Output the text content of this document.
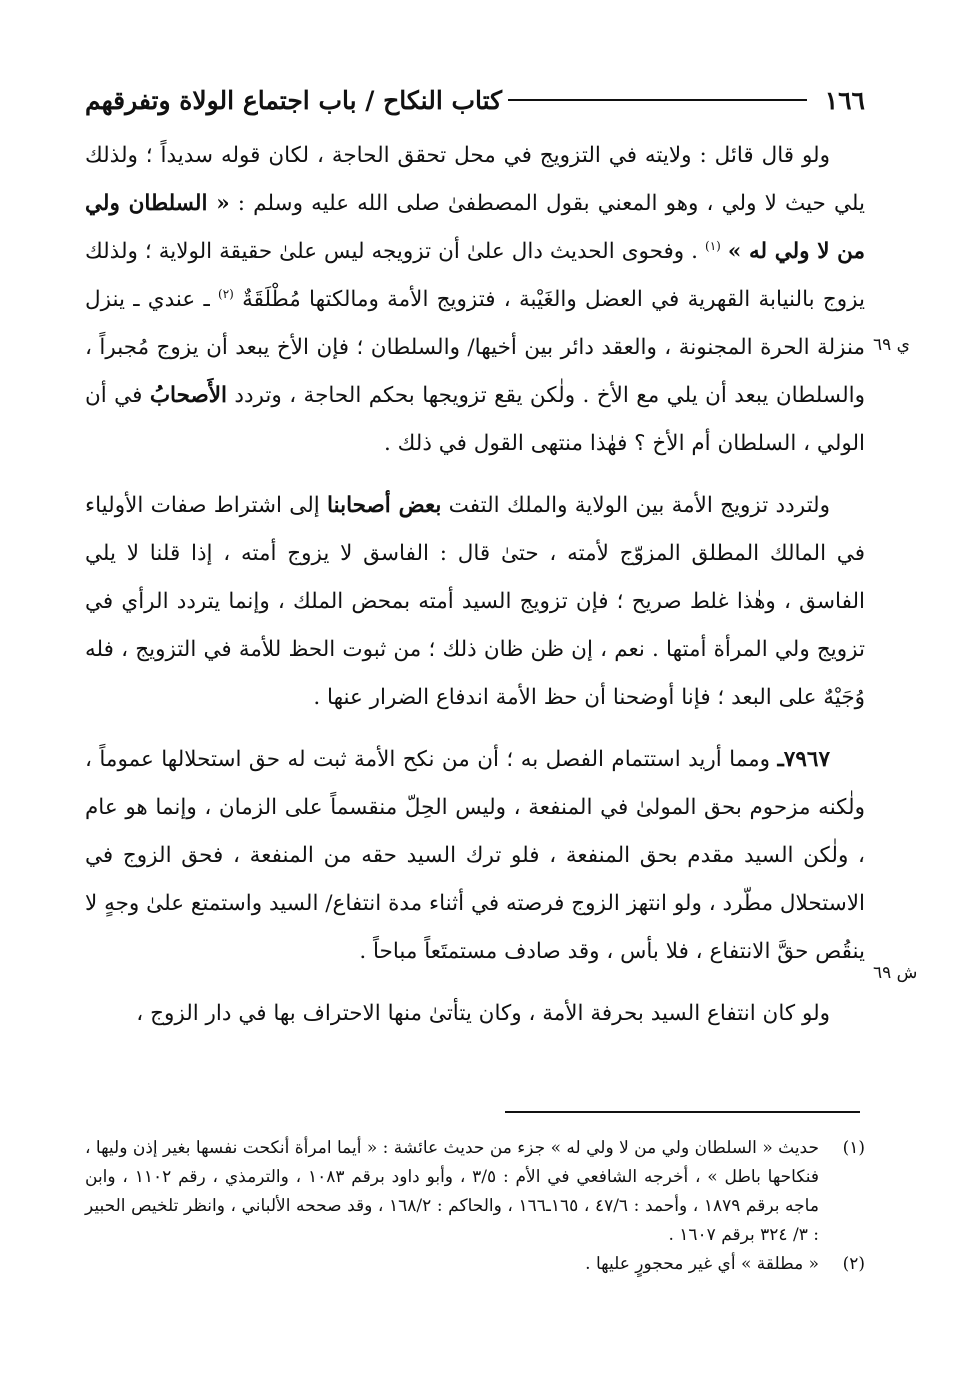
١٦٦
كتاب النكاح / باب اجتماع الولاة وتفرقهم
ي ٦٩
ش ٦٩

ولو قال قائل : ولايته في التزويج في محل تحقق الحاجة ، لكان قوله سديداً ؛ ولذلك يلي حيث لا ولي ، وهو المعني بقول المصطفىٰ صلى الله عليه وسلم : « السلطان ولي من لا ولي له » $^{(١)}$ . وفحوى الحديث دال علىٰ أن تزويجه ليس علىٰ حقيقة الولاية ؛ ولذلك يزوج بالنيابة القهرية في العضل والغَيْبة ، فتزويج الأمة ومالكتها مُطْلَقَةٌ $^{(٢)}$ ـ عندي ـ ينزل منزلة الحرة المجنونة ، والعقد دائر بين أخيها/ والسلطان ؛ فإن الأخ يبعد أن يزوج مُجبراً ، والسلطان يبعد أن يلي مع الأخ . ولٰكن يقع تزويجها بحكم الحاجة ، وتردد الأَصحابُ في أن الولي ، السلطان أم الأخ ؟ فهٰذا منتهى القول في ذلك .

ولتردد تزويج الأمة بين الولاية والملك التفت بعض أصحابنا إلى اشتراط صفات الأولياء في المالك المطلق المزوّج لأمته ، حتىٰ قال : الفاسق لا يزوج أمته ، إذا قلنا لا يلي الفاسق ، وهٰذا غلط صريح ؛ فإن تزويج السيد أمته بمحض الملك ، وإنما يتردد الرأي في تزويج ولي المرأة أمتها . نعم ، إن ظن ظان ذلك ؛ من ثبوت الحظ للأمة في التزويج ، فله وُجَيْهٌ على البعد ؛ فإنا أوضحنا أن حظ الأمة اندفاع الضرار عنها .

٧٩٦٧ـ ومما أريد استتمام الفصل به ؛ أن من نكح الأمة ثبت له حق استحلالها عموماً ، ولٰكنه مزحوم بحق المولىٰ في المنفعة ، وليس الحِلّ منقسماً على الزمان ، وإنما هو عام ، ولٰكن السيد مقدم بحق المنفعة ، فلو ترك السيد حقه من المنفعة ، فحق الزوج في الاستحلال مطّرد ، ولو انتهز الزوج فرصته في أثناء مدة انتفاع/ السيد واستمتع علىٰ وجهٍ لا ينقُص حقَّ الانتفاع ، فلا بأس ، وقد صادف مستمتَعاً مباحاً .

ولو كان انتفاع السيد بحرفة الأمة ، وكان يتأتىٰ منها الاحتراف بها في دار الزوج ،

(١)
حديث « السلطان ولي من لا ولي له » جزء من حديث عائشة : « أيما امرأة أنكحت نفسها بغير إذن وليها ، فنكاحها باطل » ، أخرجه الشافعي في الأم : ٣/٥ ، وأبو داود برقم ١٠٨٣ ، والترمذي ، رقم ١١٠٢ ، وابن ماجه برقم ١٨٧٩ ، وأحمد : ٤٧/٦ ، ١٦٥ـ١٦٦ ، والحاكم : ١٦٨/٢ ، وقد صححه الألباني ، وانظر تلخيص الحبير : ٣/ ٣٢٤ برقم ١٦٠٧ .
(٢)
« مطلقة » أي غير محجورٍ عليها .
